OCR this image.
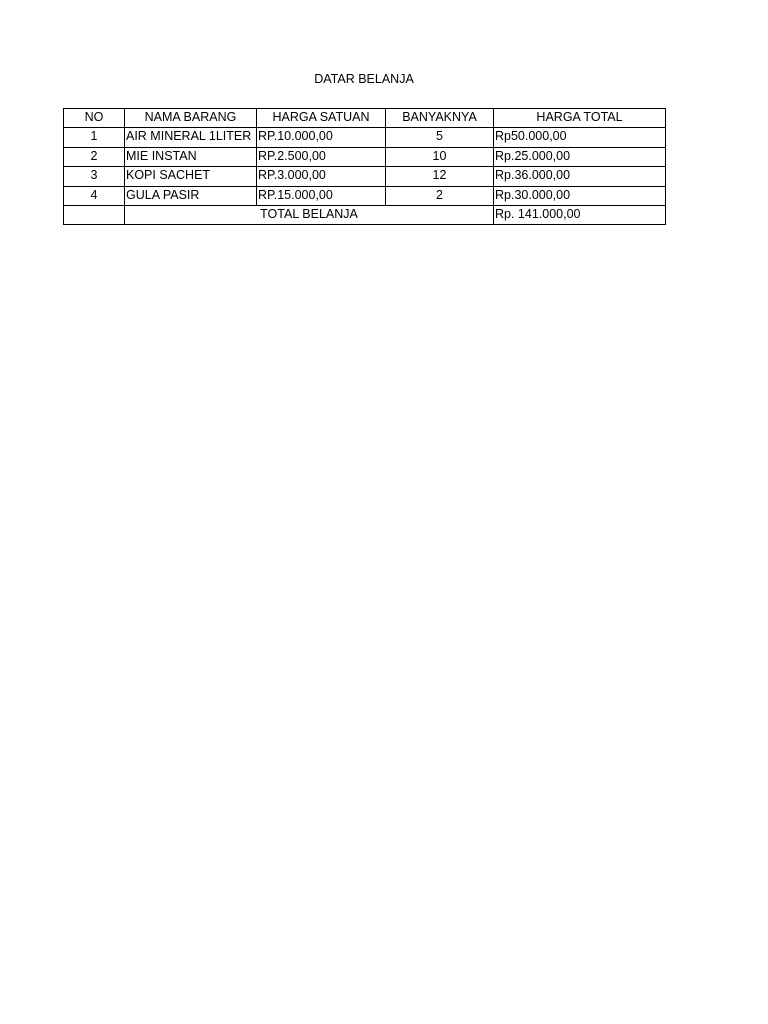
DATAR BELANJA
NO	NAMA BARANG	HARGA SATUAN	BANYAKNYA	HARGA TOTAL
1	AIR MINERAL 1LITER	RP.10.000,00	5	Rp50.000,00
2	MIE INSTAN	RP.2.500,00	10	Rp.25.000,00
3	KOPI SACHET	RP.3.000,00	12	Rp.36.000,00
4	GULA PASIR	RP.15.000,00	2	Rp.30.000,00
	TOTAL BELANJA			Rp. 141.000,00
